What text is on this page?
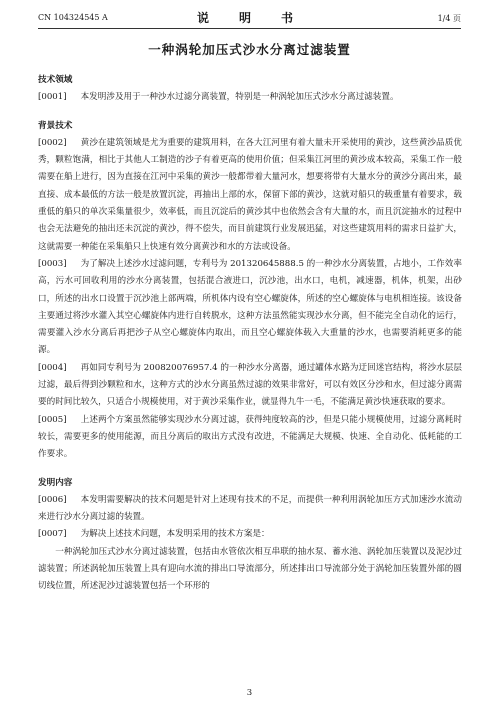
CN 104324545 A	说　明　书	1/4 页
一种涡轮加压式沙水分离过滤装置
技术领域
[0001] 本发明涉及用于一种沙水过滤分离装置，特别是一种涡轮加压式沙水分离过滤装置。
背景技术
[0002] 黄沙在建筑领域是尤为重要的建筑用料，在各大江河里有着大量未开采使用的黄沙，这些黄沙品质优秀，颗粒饱满，相比于其他人工制造的沙子有着更高的使用价值；但采集江河里的黄沙成本较高，采集工作一般需要在船上进行，因为直接在江河中采集的黄沙一般都带着大量河水，想要将带有大量水分的黄沙分离出来，最直接、成本最低的方法一般是放置沉淀，再抽出上部的水，保留下部的黄沙，这就对船只的载重量有着要求，载重低的船只的单次采集量很少，效率低，而且沉淀后的黄沙其中也依然会含有大量的水，而且沉淀抽水的过程中也会无法避免的抽出还未沉淀的黄沙，得不偿失，而目前建筑行业发展迅猛，对这些建筑用料的需求日益扩大，这就需要一种能在采集船只上快速有效分离黄沙和水的方法或设备。
[0003] 为了解决上述沙水过滤问题，专利号为 201320645888.5 的一种沙水分离装置，占地小，工作效率高，污水可回收利用的沙水分离装置，包括混合液进口，沉沙池，出水口，电机，减速器，机体，机架，出砂口，所述的出水口设置于沉沙池上部两端，所机体内设有空心螺旋体，所述的空心螺旋体与电机相连接。该设备主要通过将沙水灌入其空心螺旋体内进行自转脱水，这种方法虽然能实现沙水分离，但不能完全自动化的运行，需要灌入沙水分离后再把沙子从空心螺旋体内取出，而且空心螺旋体载入大重量的沙水，也需要消耗更多的能源。
[0004] 再如同专利号为 200820076957.4 的一种沙水分离器，通过罐体水路为迂回迷宫结构，将沙水层层过滤，最后得到沙颗粒和水，这种方式的沙水分离虽然过滤的效果非常好，可以有效区分沙和水，但过滤分离需要的时间比较久，只适合小规模使用，对于黄沙采集作业，就显得九牛一毛，不能满足黄沙快速获取的要求。
[0005] 上述两个方案虽然能够实现沙水分离过滤，获得纯度较高的沙，但是只能小规模使用，过滤分离耗时较长，需要更多的使用能源，而且分离后的取出方式没有改进，不能满足大规模、快速、全自动化、低耗能的工作要求。
发明内容
[0006] 本发明需要解决的技术问题是针对上述现有技术的不足，而提供一种利用涡轮加压方式加速沙水流动来进行沙水分离过滤的装置。
[0007] 为解决上述技术问题，本发明采用的技术方案是：
一种涡轮加压式沙水分离过滤装置，包括由水管依次相互串联的抽水泵、蓄水池、涡轮加压装置以及泥沙过滤装置；所述涡轮加压装置上具有迎向水流的排出口导流部分，所述排出口导流部分处于涡轮加压装置外部的圆切线位置，所述泥沙过滤装置包括一个环形的
3
